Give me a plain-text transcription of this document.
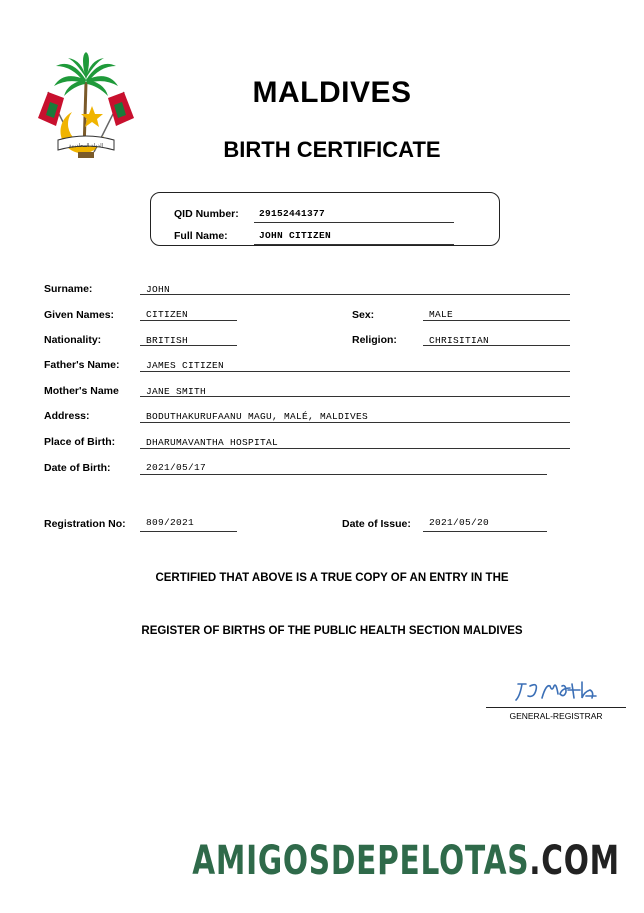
الدولة المحلديبية
MALDIVES
BIRTH CERTIFICATE
QID Number: 29152441377
Full Name:	JOHN CITIZEN
Surname:	JOHN
Given Names:	CITIZEN	Sex:	MALE
Nationality:	BRITISH	Religion:	CHRISITIAN
Father's Name:	JAMES CITIZEN
Mother's Name	JANE SMITH
Address:	BODUTHAKURUFAANU MAGU, MALÉ, MALDIVES
Place of Birth:	DHARUMAVANTHA HOSPITAL
Date of Birth:	2021/05/17
Registration No: 809/2021	Date of Issue: 2021/05/20
CERTIFIED THAT ABOVE IS A TRUE COPY OF AN ENTRY IN THE
REGISTER OF BIRTHS OF THE PUBLIC HEALTH SECTION MALDIVES
GENERAL-REGISTRAR
AMIGOSDEPELOTAS.COM
